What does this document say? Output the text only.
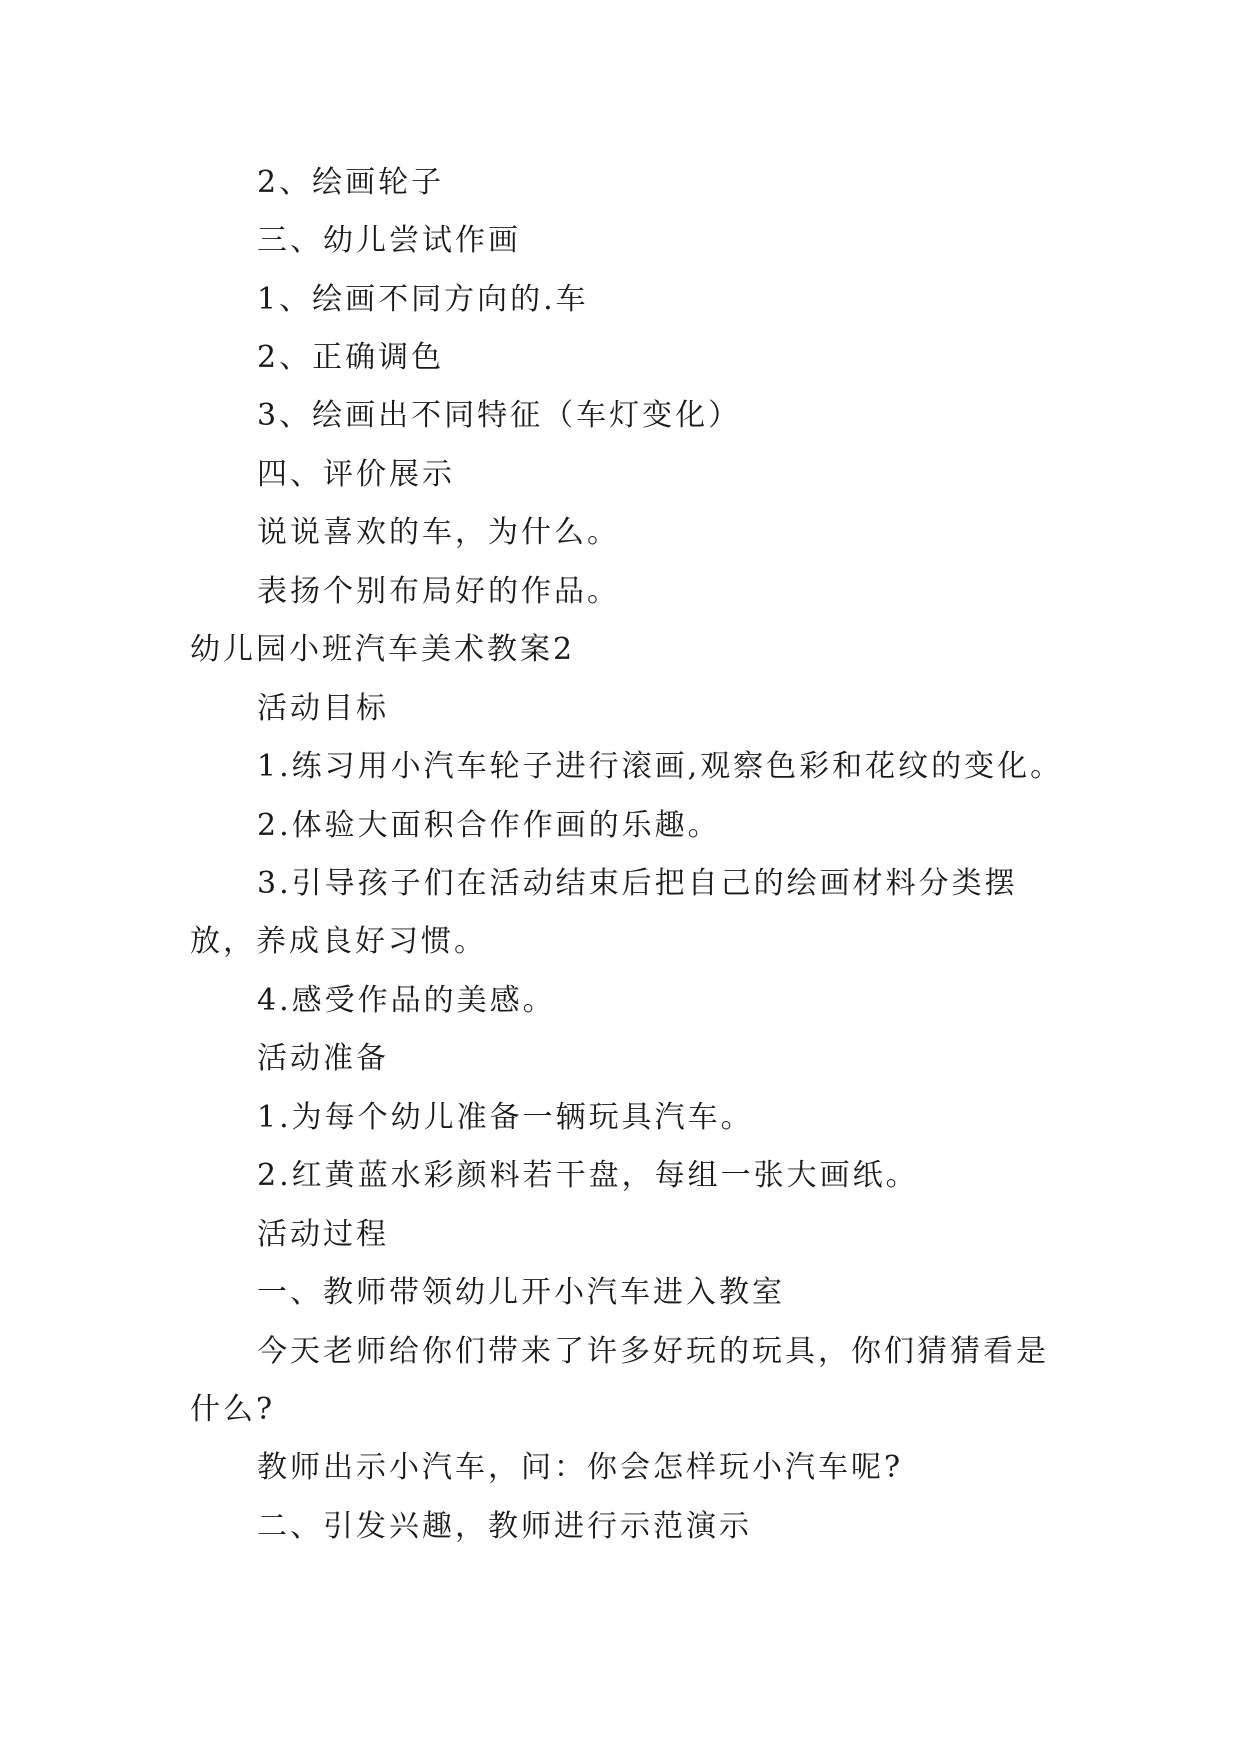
2、绘画轮子
三、幼儿尝试作画
1、绘画不同方向的.车
2、正确调色
3、绘画出不同特征（车灯变化）
四、评价展示
说说喜欢的车，为什么。
表扬个别布局好的作品。
幼儿园小班汽车美术教案2
活动目标
1.练习用小汽车轮子进行滚画,观察色彩和花纹的变化。
2.体验大面积合作作画的乐趣。
3.引导孩子们在活动结束后把自己的绘画材料分类摆
放，养成良好习惯。
4.感受作品的美感。
活动准备
1.为每个幼儿准备一辆玩具汽车。
2.红黄蓝水彩颜料若干盘，每组一张大画纸。
活动过程
一、教师带领幼儿开小汽车进入教室
今天老师给你们带来了许多好玩的玩具，你们猜猜看是
什么?
教师出示小汽车，问：你会怎样玩小汽车呢?
二、引发兴趣，教师进行示范演示
